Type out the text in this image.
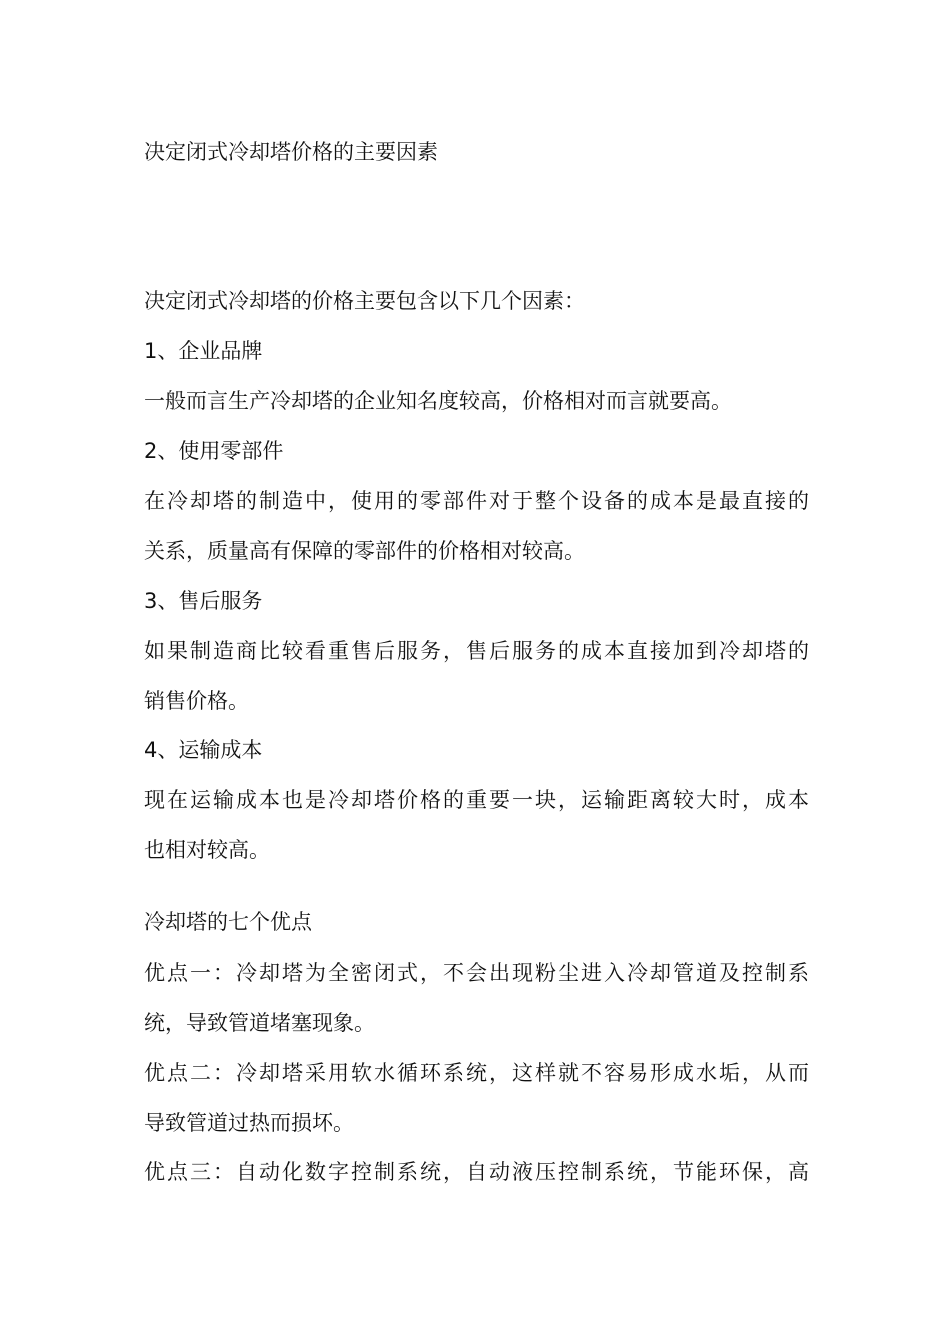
决定闭式冷却塔价格的主要因素
决定闭式冷却塔的价格主要包含以下几个因素：
1、企业品牌
一般而言生产冷却塔的企业知名度较高，价格相对而言就要高。
2、使用零部件
在冷却塔的制造中，使用的零部件对于整个设备的成本是最直接的
关系，质量高有保障的零部件的价格相对较高。
3、售后服务
如果制造商比较看重售后服务，售后服务的成本直接加到冷却塔的
销售价格。
4、运输成本
现在运输成本也是冷却塔价格的重要一块，运输距离较大时，成本
也相对较高。
冷却塔的七个优点
优点一：冷却塔为全密闭式，不会出现粉尘进入冷却管道及控制系
统，导致管道堵塞现象。
优点二：冷却塔采用软水循环系统，这样就不容易形成水垢，从而
导致管道过热而损坏。
优点三：自动化数字控制系统，自动液压控制系统，节能环保，高
